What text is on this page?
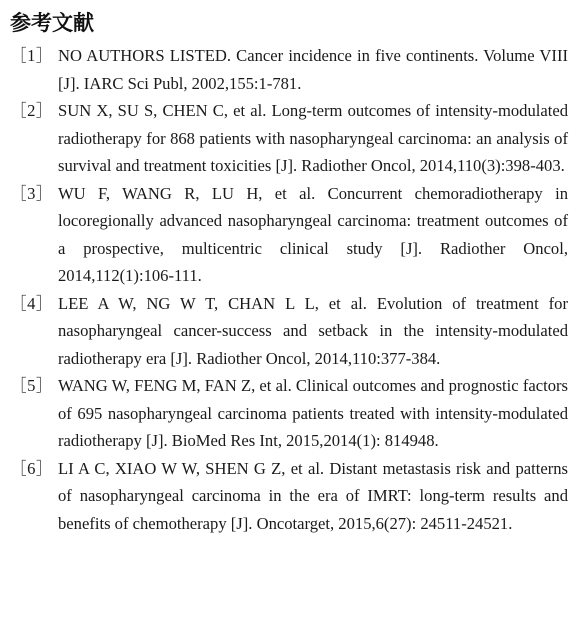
参考文献
［1］ NO AUTHORS LISTED. Cancer incidence in five continents. Volume VIII [J]. IARC Sci Publ, 2002,155:1-781.
［2］ SUN X, SU S, CHEN C, et al. Long-term outcomes of intensity-modulated radiotherapy for 868 patients with nasopharyngeal carcinoma: an analysis of survival and treatment toxicities [J]. Radiother Oncol, 2014,110(3):398-403.
［3］ WU F, WANG R, LU H, et al. Concurrent chemoradiotherapy in locoregionally advanced nasopharyngeal carcinoma: treatment outcomes of a prospective, multicentric clinical study [J]. Radiother Oncol, 2014,112(1):106-111.
［4］ LEE A W, NG W T, CHAN L L, et al. Evolution of treatment for nasopharyngeal cancer-success and setback in the intensity-modulated radiotherapy era [J]. Radiother Oncol, 2014,110:377-384.
［5］ WANG W, FENG M, FAN Z, et al. Clinical outcomes and prognostic factors of 695 nasopharyngeal carcinoma patients treated with intensity-modulated radiotherapy [J]. BioMed Res Int, 2015,2014(1): 814948.
［6］ LI A C, XIAO W W, SHEN G Z, et al. Distant metastasis risk and patterns of nasopharyngeal carcinoma in the era of IMRT: long-term results and benefits of chemotherapy [J]. Oncotarget, 2015,6(27): 24511-24521.
